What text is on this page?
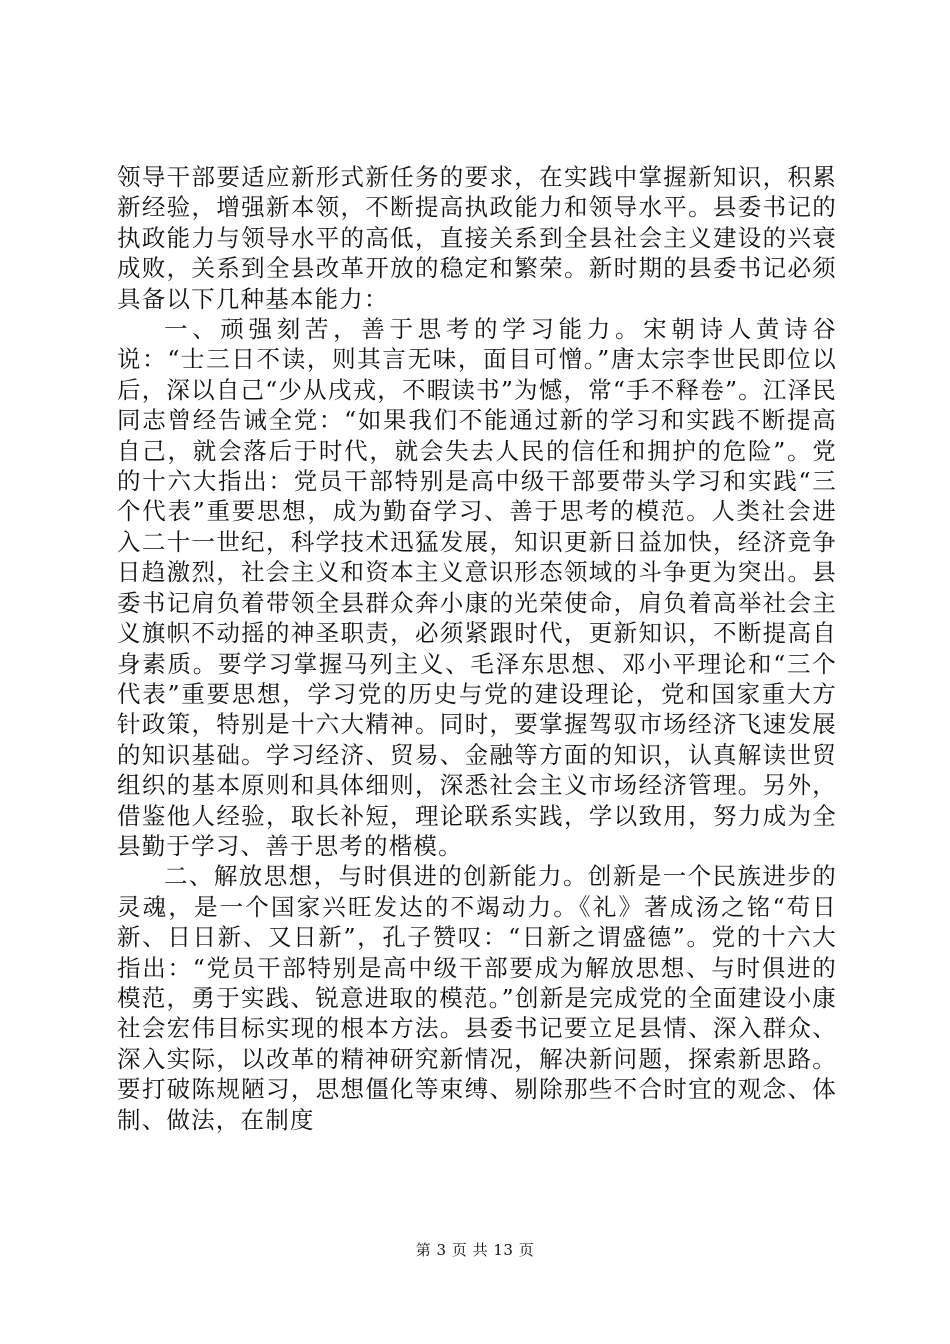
领导干部要适应新形式新任务的要求，在实践中掌握新知识，积累新经验，增强新本领，不断提高执政能力和领导水平。县委书记的执政能力与领导水平的高低，直接关系到全县社会主义建设的兴衰成败，关系到全县改革开放的稳定和繁荣。新时期的县委书记必须具备以下几种基本能力：

一、顽强刻苦，善于思考的学习能力。宋朝诗人黄诗谷说：“士三日不读，则其言无味，面目可憎。”唐太宗李世民即位以后，深以自己“少从戌戎，不暇读书”为憾，常“手不释卷”。江泽民同志曾经告诫全党：“如果我们不能通过新的学习和实践不断提高自己，就会落后于时代，就会失去人民的信任和拥护的危险”。党的十六大指出：党员干部特别是高中级干部要带头学习和实践“三个代表”重要思想，成为勤奋学习、善于思考的模范。人类社会进入二十一世纪，科学技术迅猛发展，知识更新日益加快，经济竞争日趋激烈，社会主义和资本主义意识形态领域的斗争更为突出。县委书记肩负着带领全县群众奔小康的光荣使命，肩负着高举社会主义旗帜不动摇的神圣职责，必须紧跟时代，更新知识，不断提高自身素质。要学习掌握马列主义、毛泽东思想、邓小平理论和“三个代表”重要思想，学习党的历史与党的建设理论，党和国家重大方针政策，特别是十六大精神。同时，要掌握驾驭市场经济飞速发展的知识基础。学习经济、贸易、金融等方面的知识，认真解读世贸组织的基本原则和具体细则，深悉社会主义市场经济管理。另外，借鉴他人经验，取长补短，理论联系实践，学以致用，努力成为全县勤于学习、善于思考的楷模。

二、解放思想，与时俱进的创新能力。创新是一个民族进步的灵魂，是一个国家兴旺发达的不竭动力。《礼》著成汤之铭“苟日新、日日新、又日新”，孔子赞叹：“日新之谓盛德”。党的十六大指出：“党员干部特别是高中级干部要成为解放思想、与时俱进的模范，勇于实践、锐意进取的模范。”创新是完成党的全面建设小康社会宏伟目标实现的根本方法。县委书记要立足县情、深入群众、深入实际，以改革的精神研究新情况，解决新问题，探索新思路。要打破陈规陋习，思想僵化等束缚、剔除那些不合时宜的观念、体制、做法，在制度

第 3 页 共 13 页
